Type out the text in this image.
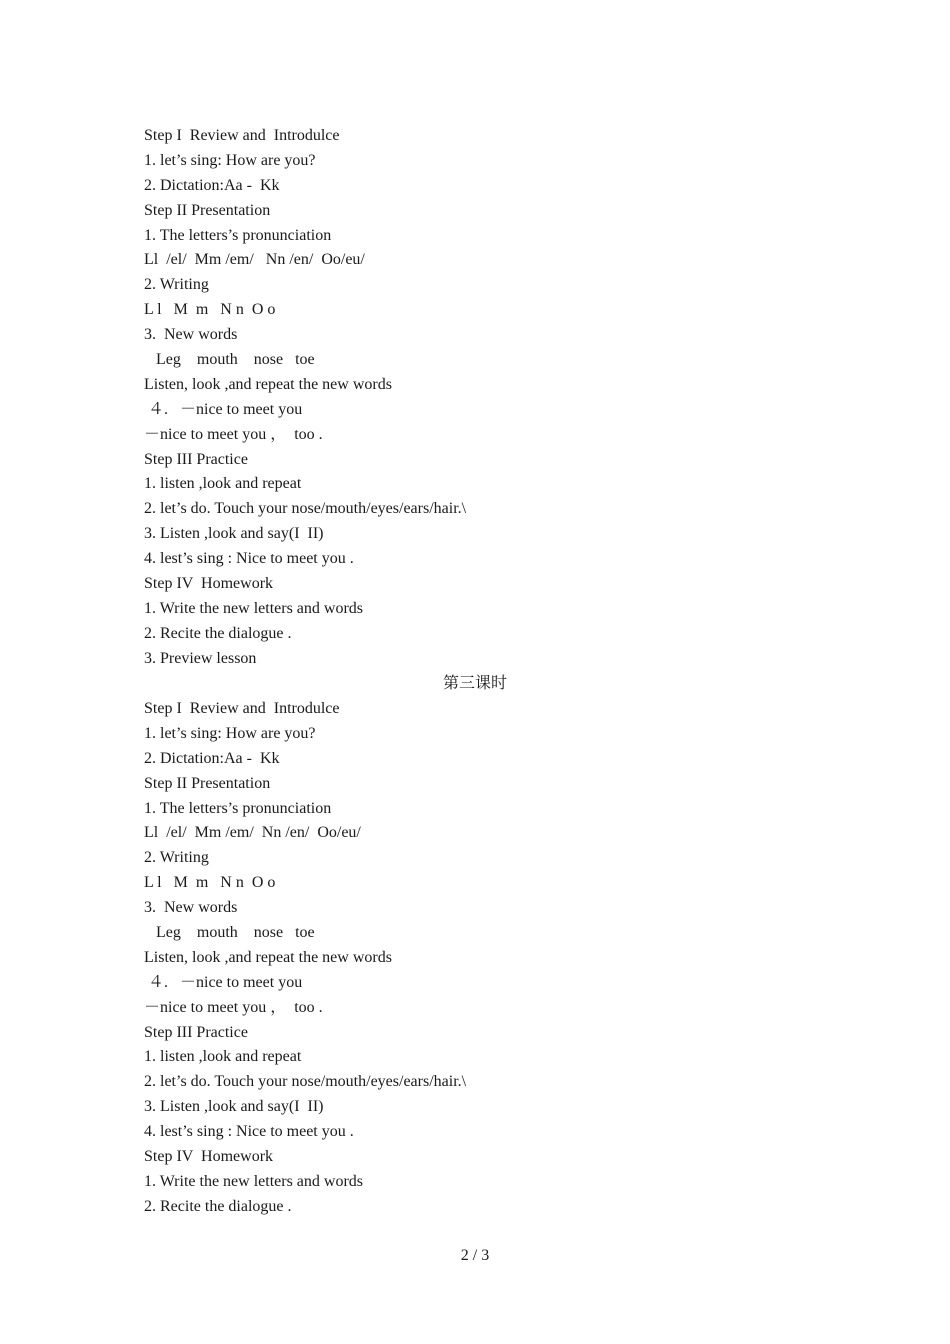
Step I  Review and  Introdulce
1. let’s sing: How are you?
2. Dictation:Aa -  Kk
Step II Presentation
1. The letters’s pronunciation
Ll  /el/  Mm /em/   Nn /en/  Oo/eu/
2. Writing
L l   M  m   N n  O o
3.  New words
Leg    mouth    nose   toe
Listen, look ,and repeat the new words
４.   －nice to meet you
－nice to meet you ，  too .
Step III Practice
1. listen ,look and repeat
2. let’s do. Touch your nose/mouth/eyes/ears/hair.\
3. Listen ,look and say(I  II)
4. lest’s sing : Nice to meet you .
Step IV  Homework
1. Write the new letters and words
2. Recite the dialogue .
3. Preview lesson
第三课时
Step I  Review and  Introdulce
1. let’s sing: How are you?
2. Dictation:Aa -  Kk
Step II Presentation
1. The letters’s pronunciation
Ll  /el/  Mm /em/  Nn /en/  Oo/eu/
2. Writing
L l   M  m   N n  O o
3.  New words
Leg    mouth    nose   toe
Listen, look ,and repeat the new words
４.   －nice to meet you
－nice to meet you ，  too .
Step III Practice
1. listen ,look and repeat
2. let’s do. Touch your nose/mouth/eyes/ears/hair.\
3. Listen ,look and say(I  II)
4. lest’s sing : Nice to meet you .
Step IV  Homework
1. Write the new letters and words
2. Recite the dialogue .
2 / 3
